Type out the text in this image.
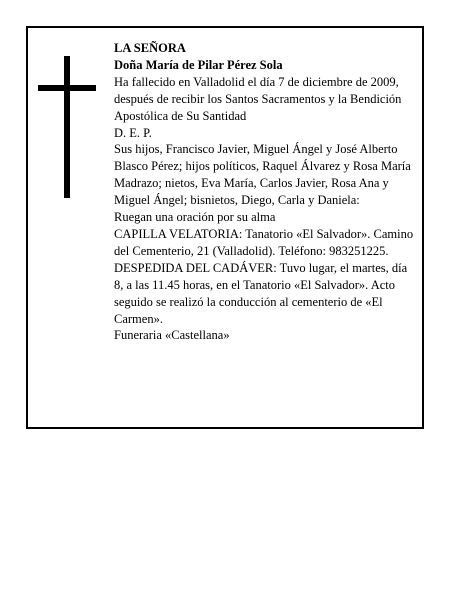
LA SEÑORA

Doña María de Pilar Pérez Sola

Ha fallecido en Valladolid el día 7 de diciembre de 2009, después de recibir los Santos Sacramentos y la Bendición Apostólica de Su Santidad

D. E. P.

Sus hijos, Francisco Javier, Miguel Ángel y José Alberto Blasco Pérez; hijos políticos, Raquel Álvarez y Rosa María Madrazo; nietos, Eva María, Carlos Javier, Rosa Ana y Miguel Ángel; bisnietos, Diego, Carla y Daniela:

Ruegan una oración por su alma

CAPILLA VELATORIA: Tanatorio «El Salvador». Camino del Cementerio, 21 (Valladolid). Teléfono: 983251225.

DESPEDIDA DEL CADÁVER: Tuvo lugar, el martes, día 8, a las 11.45 horas, en el Tanatorio «El Salvador». Acto seguido se realizó la conducción al cementerio de «El Carmen».

Funeraria «Castellana»
